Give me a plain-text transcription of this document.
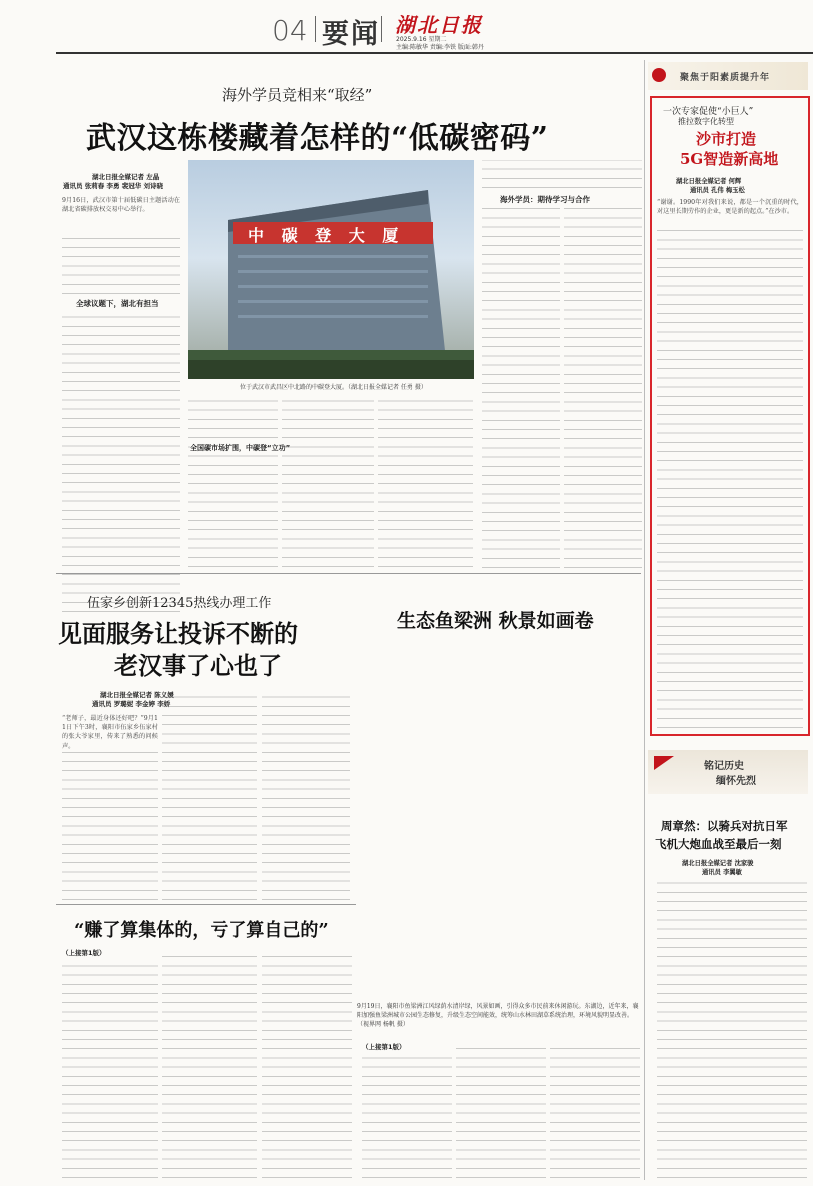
04 要闻 湖北日报
2025.9.16 星期二
主编:陈敏华 责编:李铁 版面:韩丹
海外学员竞相来“取经”
武汉这栋楼藏着怎样的“低碳密码”
湖北日报全媒记者 左晶
通讯员 张莉春 李勇 裴冠华 刘诗晓
9月16日，武汉市第十届低碳日主题活动在湖北省碳排放权交易中心举行。
全球议题下，湖北有担当
中 碳 登 大 厦
位于武汉市武昌区中北路的中碳登大厦。（湖北日报全媒记者 任勇 摄）
全国碳市场扩围，中碳登“立功”
海外学员：期待学习与合作
伍家乡创新12345热线办理工作
见面服务让投诉不断的
老汉事了心也了
湖北日报全媒记者 陈义媛
通讯员 罗璐妮 李金婷 李娇
“老师子，最近身体还好吧？”9月11日下午3时，襄阳市伍家乡伍家村的张大爷家里，传来了熟悉的问候声。
生态鱼梁洲 秋景如画卷
9月19日，襄阳市鱼梁洲江风绿荫水清岸绿，风景如画，引得众多市民前来休闲游玩。东湖边，近年来，襄阳加强鱼梁洲城市公园生态修复，升级生态空间能效，统筹山水林田湖草系统治理，环境风貌明显改善。（视界网 杨帆 摄）
“赚了算集体的，亏了算自己的”
（上接第1版）
（上接第1版）
聚焦于阳素质提升年
一次专家促使“小巨人”
推拉数字化转型
沙市打造
5G智造新高地
湖北日报全媒记者 何辉
通讯员 孔伟 梅玉松
“谢谢。1990年对我们来说，都是一个沉重的时代，对这里长期劳作的企业，更是新的起点。”在沙市。
铭记历史
缅怀先烈
周章然：以骑兵对抗日军
飞机大炮血战至最后一刻
湖北日报全媒记者 沈家骏
通讯员 李翼敏
